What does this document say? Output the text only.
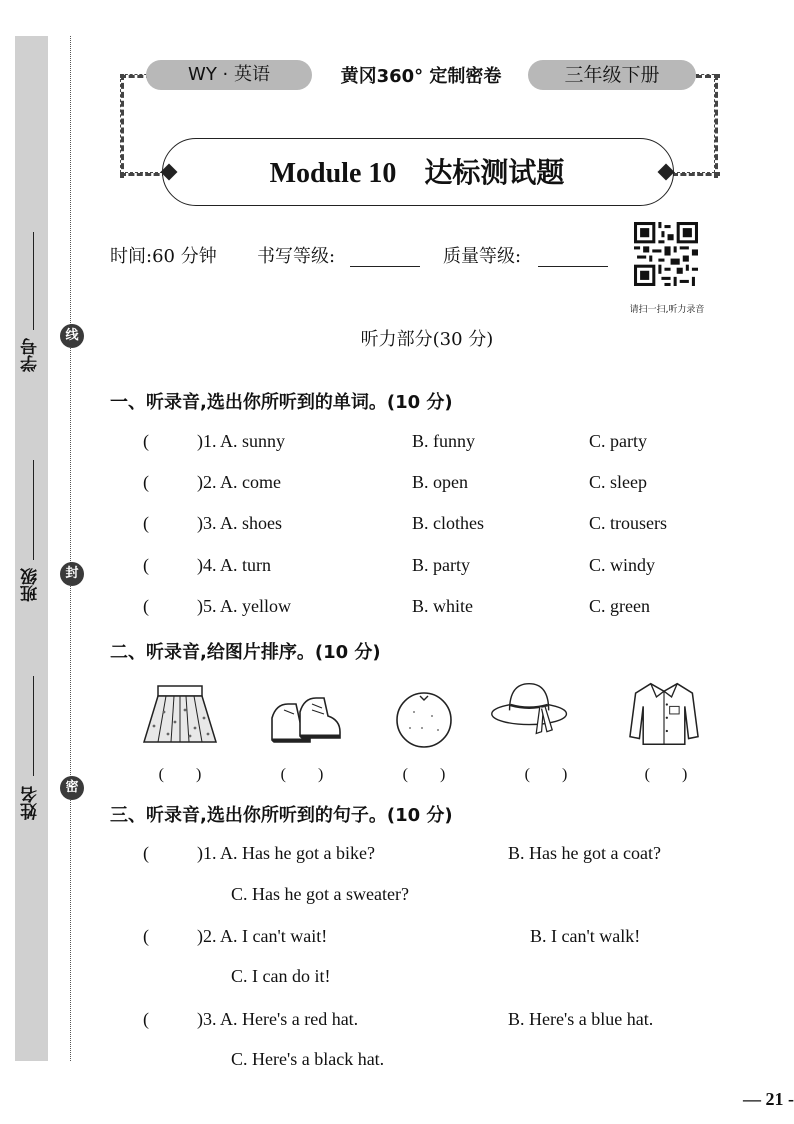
学号
班级
姓名
线
封
密
WY · 英语	黄冈360° 定制密卷	三年级下册
Module 10　达标测试题
时间:60 分钟 书写等级:	质量等级:
请扫一扫,听力录音
听力部分(30 分)
一、听录音,选出你所听到的单词。(10 分)
(	)1. A. sunny	B. funny	C. party
(	)2. A. come	B. open	C. sleep
(	)3. A. shoes	B. clothes	C. trousers
(	)4. A. turn	B. party	C. windy
(	)5. A. yellow	B. white	C. green
二、听录音,给图片排序。(10 分)
(　　)	(　　)	(　　)	(　　)	(　　)
三、听录音,选出你所听到的句子。(10 分)
(	)1. A. Has he got a bike?	B. Has he got a coat?
C. Has he got a sweater?
(	)2. A. I can't wait!	B. I can't walk!
C. I can do it!
(	)3. A. Here's a red hat.	B. Here's a blue hat.
C. Here's a black hat.
— 21 -
